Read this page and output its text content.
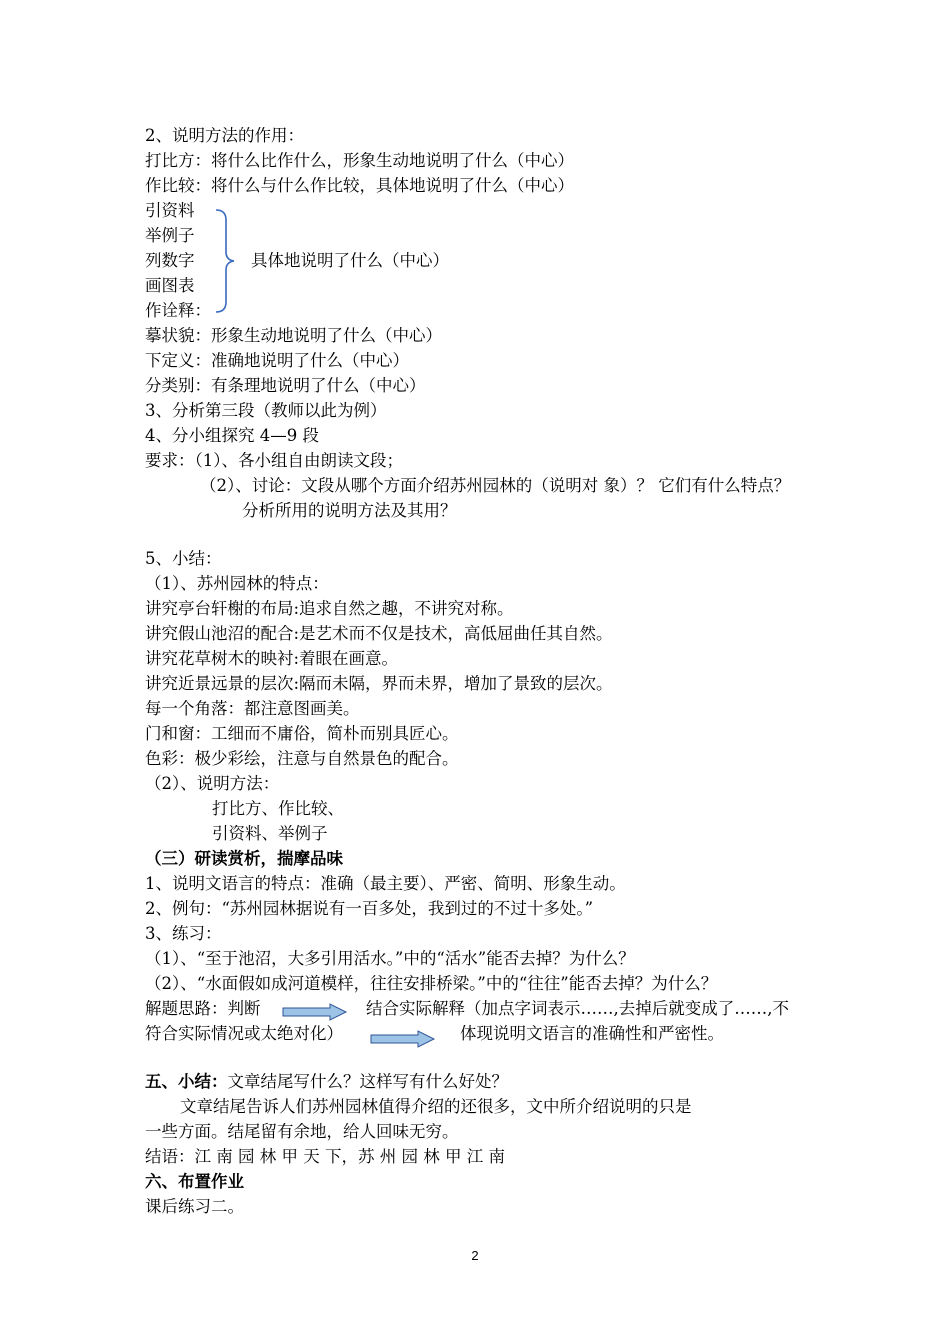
2、说明方法的作用：
打比方：将什么比作什么，形象生动地说明了什么（中心）
作比较：将什么与什么作比较，具体地说明了什么（中心）
引资料
举例子
列数字
画图表
作诠释：
具体地说明了什么（中心）
摹状貌：形象生动地说明了什么（中心）
下定义：准确地说明了什么（中心）
分类别：有条理地说明了什么（中心）
3、分析第三段（教师以此为例）
4、分小组探究 4—9 段
要求：（1）、各小组自由朗读文段；
（2）、讨论：文段从哪个方面介绍苏州园林的（说明对 象）？ 它们有什么特点？
分析所用的说明方法及其用？
5、小结：
（1）、苏州园林的特点：
讲究亭台轩榭的布局:追求自然之趣，不讲究对称。
讲究假山池沼的配合:是艺术而不仅是技术，高低屈曲任其自然。
讲究花草树木的映衬:着眼在画意。
讲究近景远景的层次:隔而未隔，界而未界，增加了景致的层次。
每一个角落：都注意图画美。
门和窗：工细而不庸俗，简朴而别具匠心。
色彩：极少彩绘，注意与自然景色的配合。
（2）、说明方法：
打比方、作比较、
引资料、举例子
（三）研读赏析，揣摩品味
1、说明文语言的特点：准确（最主要）、严密、简明、形象生动。
2、例句：“苏州园林据说有一百多处，我到过的不过十多处。”
3、练习：
（1）、“至于池沼，大多引用活水。”中的“活水”能否去掉？为什么？
（2）、“水面假如成河道模样，往往安排桥梁。”中的“往往”能否去掉？为什么？
解题思路：判断	结合实际解释（加点字词表示……,去掉后就变成了……,不
符合实际情况或太绝对化）	体现说明文语言的准确性和严密性。
五、小结：文章结尾写什么？这样写有什么好处？
文章结尾告诉人们苏州园林值得介绍的还很多，文中所介绍说明的只是
一些方面。结尾留有余地，给人回味无穷。
结语：江 南 园 林 甲 天 下，苏 州 园 林 甲 江 南
六、布置作业
课后练习二。
2
